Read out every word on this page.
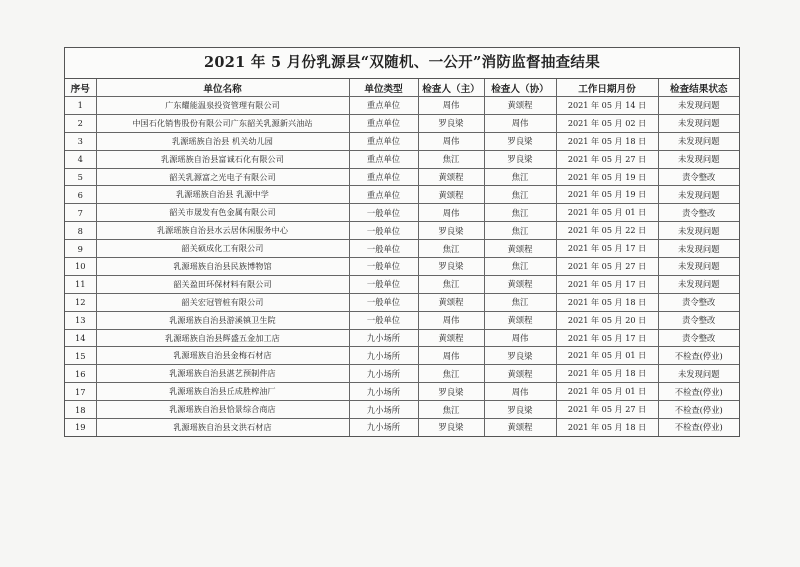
2021 年 5 月份乳源县“双随机、一公开”消防监督抽查结果
序号	单位名称	单位类型	检查人（主）	检查人（协）	工作日期月份	检查结果状态
1	广东耀能温泉投资管理有限公司	重点单位	周伟	黄颂程	2021 年 05 月 14 日	未发现问题
2	中国石化销售股份有限公司广东韶关乳源新兴油站	重点单位	罗良梁	周伟	2021 年 05 月 02 日	未发现问题
3	乳源瑶族自治县 机关幼儿园	重点单位	周伟	罗良梁	2021 年 05 月 18 日	未发现问题
4	乳源瑶族自治县富诚石化有限公司	重点单位	焦江	罗良梁	2021 年 05 月 27 日	未发现问题
5	韶关乳源富之光电子有限公司	重点单位	黄颂程	焦江	2021 年 05 月 19 日	责令整改
6	乳源瑶族自治县 乳源中学	重点单位	黄颂程	焦江	2021 年 05 月 19 日	未发现问题
7	韶关市晟发有色金属有限公司	一般单位	周伟	焦江	2021 年 05 月 01 日	责令整改
8	乳源瑶族自治县水云居休闲服务中心	一般单位	罗良梁	焦江	2021 年 05 月 22 日	未发现问题
9	韶关硕成化工有限公司	一般单位	焦江	黄颂程	2021 年 05 月 17 日	未发现问题
10	乳源瑶族自治县民族博物馆	一般单位	罗良梁	焦江	2021 年 05 月 27 日	未发现问题
11	韶关盈田环保材料有限公司	一般单位	焦江	黄颂程	2021 年 05 月 17 日	未发现问题
12	韶关宏冠管桩有限公司	一般单位	黄颂程	焦江	2021 年 05 月 18 日	责令整改
13	乳源瑶族自治县游溪镇卫生院	一般单位	周伟	黄颂程	2021 年 05 月 20 日	责令整改
14	乳源瑶族自治县辉盛五金加工店	九小场所	黄颂程	周伟	2021 年 05 月 17 日	责令整改
15	乳源瑶族自治县金梅石材店	九小场所	周伟	罗良梁	2021 年 05 月 01 日	不检查(停业)
16	乳源瑶族自治县湛艺预制件店	九小场所	焦江	黄颂程	2021 年 05 月 18 日	未发现问题
17	乳源瑶族自治县丘成胜榨油厂	九小场所	罗良梁	周伟	2021 年 05 月 01 日	不检查(停业)
18	乳源瑶族自治县恰景综合商店	九小场所	焦江	罗良梁	2021 年 05 月 27 日	不检查(停业)
19	乳源瑶族自治县文洪石材店	九小场所	罗良梁	黄颂程	2021 年 05 月 18 日	不检查(停业)
